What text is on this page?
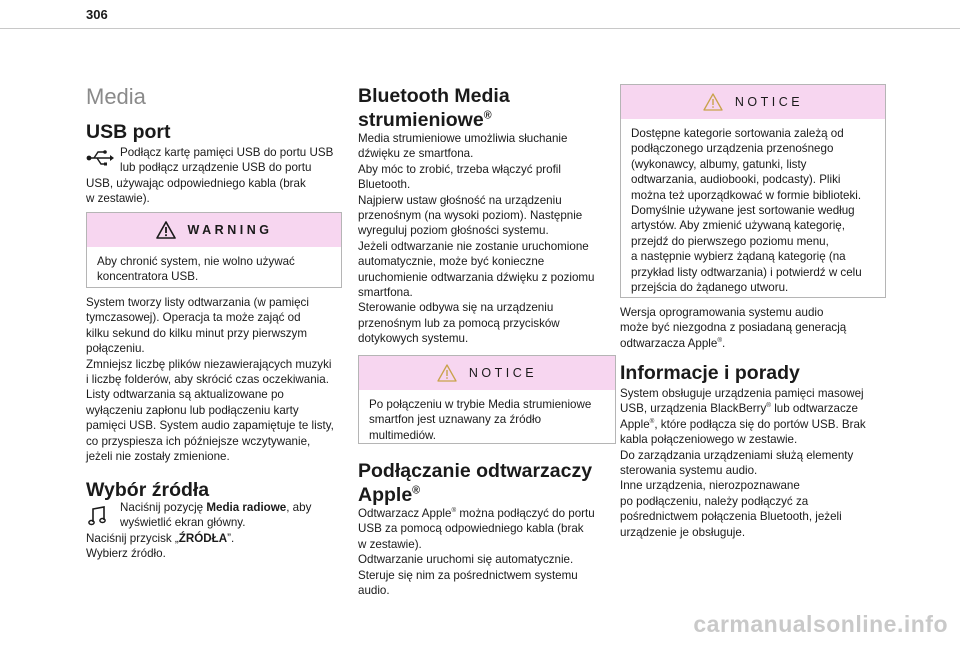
306
Media
USB port
Podłącz kartę pamięci USB do portu USB
lub podłącz urządzenie USB do portu
USB, używając odpowiedniego kabla (brak
w zestawie).
WARNING
Aby chronić system, nie wolno używać
koncentratora USB.
System tworzy listy odtwarzania (w pamięci
tymczasowej). Operacja ta może zająć od
kilku sekund do kilku minut przy pierwszym
połączeniu.
Zmniejsz liczbę plików niezawierających muzyki
i liczbę folderów, aby skrócić czas oczekiwania.
Listy odtwarzania są aktualizowane po
wyłączeniu zapłonu lub podłączeniu karty
pamięci USB. System audio zapamiętuje te listy,
co przyspiesza ich późniejsze wczytywanie,
jeżeli nie zostały zmienione.
Wybór źródła
Naciśnij pozycję Media radiowe, aby
wyświetlić ekran główny.
Naciśnij przycisk „ŹRÓDŁA”.
Wybierz źródło.
Bluetooth Media
strumieniowe®
Media strumieniowe umożliwia słuchanie
dźwięku ze smartfona.
Aby móc to zrobić, trzeba włączyć profil
Bluetooth.
Najpierw ustaw głośność na urządzeniu
przenośnym (na wysoki poziom). Następnie
wyreguluj poziom głośności systemu.
Jeżeli odtwarzanie nie zostanie uruchomione
automatycznie, może być konieczne
uruchomienie odtwarzania dźwięku z poziomu
smartfona.
Sterowanie odbywa się na urządzeniu
przenośnym lub za pomocą przycisków
dotykowych systemu.
NOTICE
Po połączeniu w trybie Media strumieniowe
smartfon jest uznawany za źródło
multimediów.
Podłączanie odtwarzaczy
Apple®
Odtwarzacz Apple® można podłączyć do portu
USB za pomocą odpowiedniego kabla (brak
w zestawie).
Odtwarzanie uruchomi się automatycznie.
Steruje się nim za pośrednictwem systemu
audio.
NOTICE
Dostępne kategorie sortowania zależą od
podłączonego urządzenia przenośnego
(wykonawcy, albumy, gatunki, listy
odtwarzania, audiobooki, podcasty). Pliki
można też uporządkować w formie biblioteki.
Domyślnie używane jest sortowanie według
artystów. Aby zmienić używaną kategorię,
przejdź do pierwszego poziomu menu,
a następnie wybierz żądaną kategorię (na
przykład listy odtwarzania) i potwierdź w celu
przejścia do żądanego utworu.
Wersja oprogramowania systemu audio
może być niezgodna z posiadaną generacją
odtwarzacza Apple®.
Informacje i porady
System obsługuje urządzenia pamięci masowej
USB, urządzenia BlackBerry® lub odtwarzacze
Apple®, które podłącza się do portów USB. Brak
kabla połączeniowego w zestawie.
Do zarządzania urządzeniami służą elementy
sterowania systemu audio.
Inne urządzenia, nierozpoznawane
po podłączeniu, należy podłączyć za
pośrednictwem połączenia Bluetooth, jeżeli
urządzenie je obsługuje.
carmanualsonline.info
